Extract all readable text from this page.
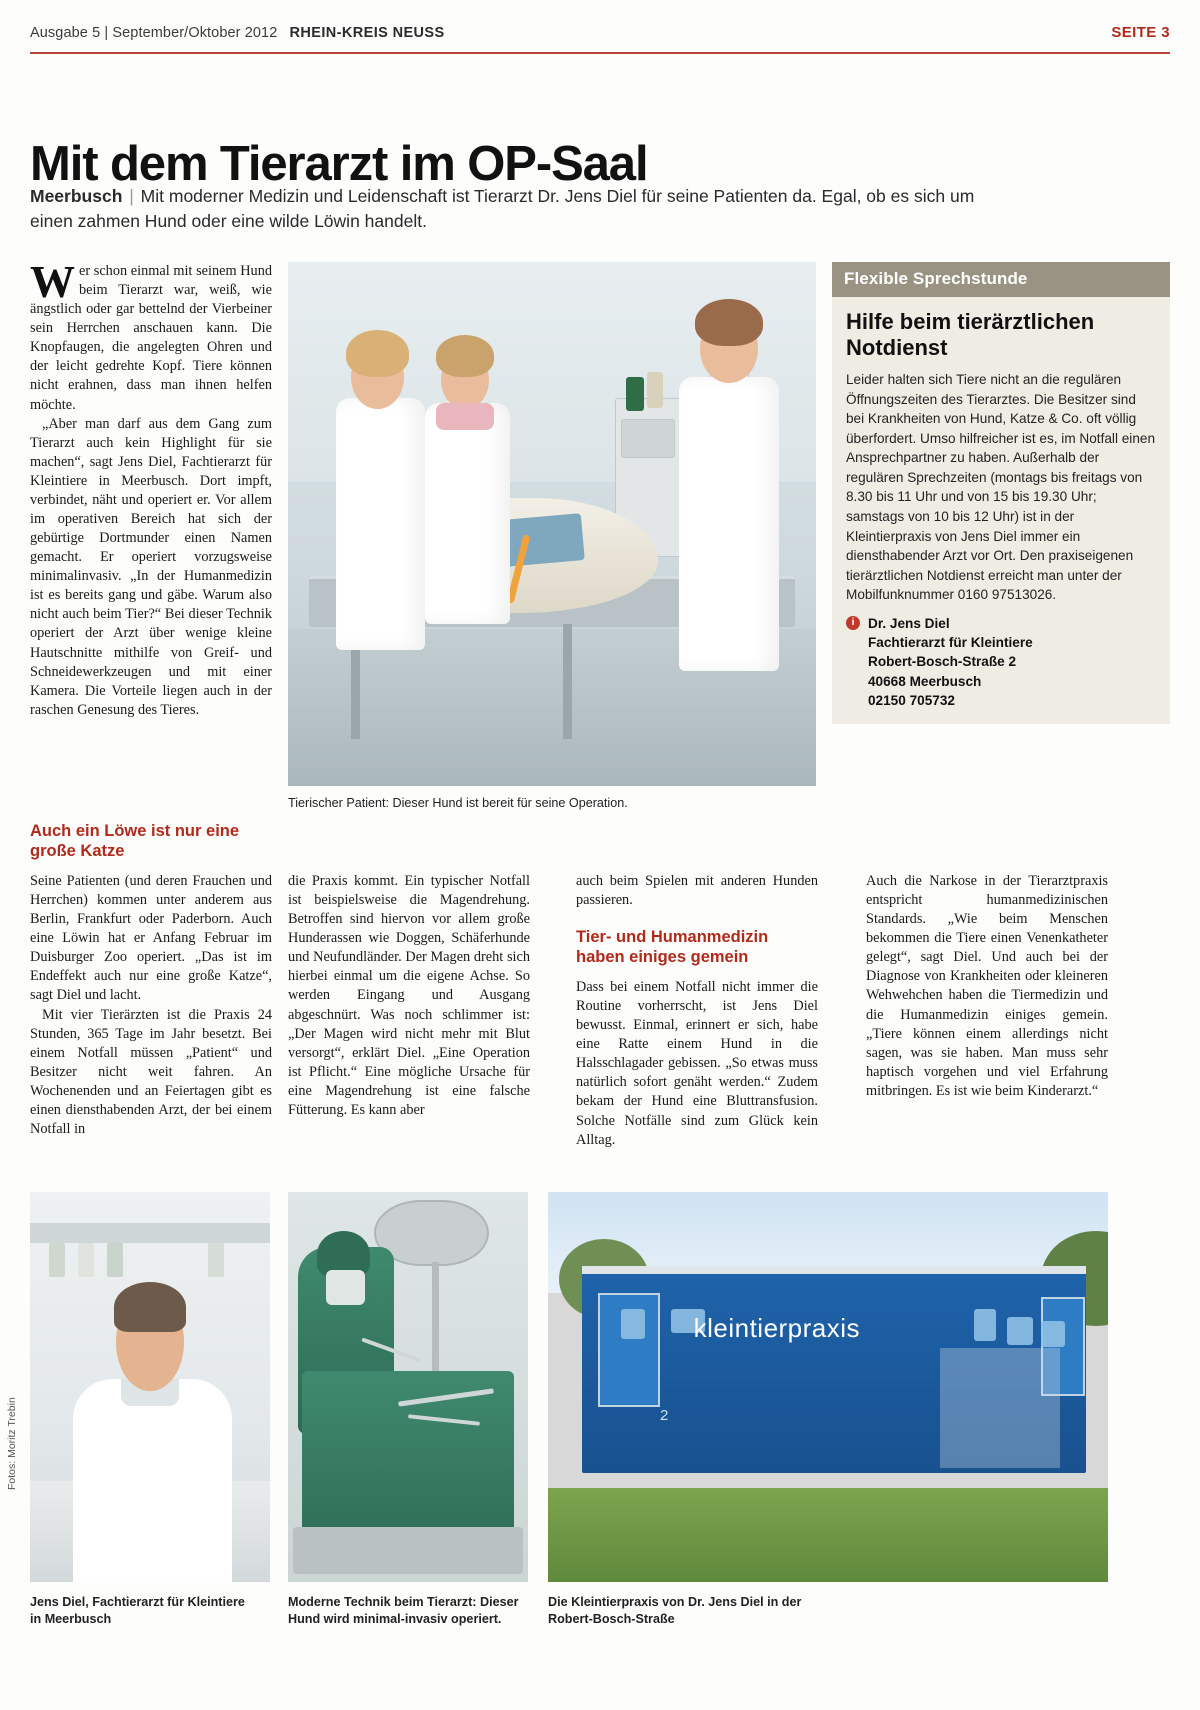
Ausgabe 5 | September/Oktober 2012 RHEIN-KREIS NEUSS	SEITE 3
Mit dem Tierarzt im OP-Saal
Meerbusch | Mit moderner Medizin und Leidenschaft ist Tierarzt Dr. Jens Diel für seine Patienten da. Egal, ob es sich um einen zahmen Hund oder eine wilde Löwin handelt.

Wer schon einmal mit seinem Hund beim Tierarzt war, weiß, wie ängstlich oder gar bettelnd der Vierbeiner sein Herrchen anschauen kann. Die Knopfaugen, die angelegten Ohren und der leicht gedrehte Kopf. Tiere können nicht erahnen, dass man ihnen helfen möchte.

„Aber man darf aus dem Gang zum Tierarzt auch kein Highlight für sie machen“, sagt Jens Diel, Fachtierarzt für Kleintiere in Meerbusch. Dort impft, verbindet, näht und operiert er. Vor allem im operativen Bereich hat sich der gebürtige Dortmunder einen Namen gemacht. Er operiert vorzugsweise minimalinvasiv. „In der Humanmedizin ist es bereits gang und gäbe. Warum also nicht auch beim Tier?“ Bei dieser Technik operiert der Arzt über wenige kleine Hautschnitte mithilfe von Greif- und Schneidewerkzeugen und mit einer Kamera. Die Vorteile liegen auch in der raschen Genesung des Tieres.

Tierischer Patient: Dieser Hund ist bereit für seine Operation.
Flexible Sprechstunde
Hilfe beim tierärztlichen Notdienst
Leider halten sich Tiere nicht an die regulären Öffnungszeiten des Tierarztes. Die Besitzer sind bei Krankheiten von Hund, Katze & Co. oft völlig überfordert. Umso hilfreicher ist es, im Notfall einen Ansprechpartner zu haben. Außerhalb der regulären Sprechzeiten (montags bis freitags von 8.30 bis 11 Uhr und von 15 bis 19.30 Uhr; samstags von 10 bis 12 Uhr) ist in der Kleintierpraxis von Jens Diel immer ein diensthabender Arzt vor Ort. Den praxiseigenen tierärztlichen Notdienst erreicht man unter der Mobilfunknummer 0160 97513026.
i	Dr. Jens Diel
Fachtierarzt für Kleintiere
Robert-Bosch-Straße 2
40668 Meerbusch
02150 705732
Auch ein Löwe ist nur eine große Katze

Seine Patienten (und deren Frauchen und Herrchen) kommen unter anderem aus Berlin, Frankfurt oder Paderborn. Auch eine Löwin hat er Anfang Februar im Duisburger Zoo operiert. „Das ist im Endeffekt auch nur eine große Katze“, sagt Diel und lacht.

Mit vier Tierärzten ist die Praxis 24 Stunden, 365 Tage im Jahr besetzt. Bei einem Notfall müssen „Patient“ und Besitzer nicht weit fahren. An Wochenenden und an Feiertagen gibt es einen diensthabenden Arzt, der bei einem Notfall in

die Praxis kommt. Ein typischer Notfall ist beispielsweise die Magendrehung. Betroffen sind hiervon vor allem große Hunderassen wie Doggen, Schäferhunde und Neufundländer. Der Magen dreht sich hierbei einmal um die eigene Achse. So werden Eingang und Ausgang abgeschnürt. Was noch schlimmer ist: „Der Magen wird nicht mehr mit Blut versorgt“, erklärt Diel. „Eine Operation ist Pflicht.“ Eine mögliche Ursache für eine Magendrehung ist eine falsche Fütterung. Es kann aber

auch beim Spielen mit anderen Hunden passieren.

Tier- und Humanmedizin haben einiges gemein

Dass bei einem Notfall nicht immer die Routine vorherrscht, ist Jens Diel bewusst. Einmal, erinnert er sich, habe eine Ratte einem Hund in die Halsschlagader gebissen. „So etwas muss natürlich sofort genäht werden.“ Zudem bekam der Hund eine Bluttransfusion. Solche Notfälle sind zum Glück kein Alltag.

Auch die Narkose in der Tierarztpraxis entspricht humanmedizinischen Standards. „Wie beim Menschen bekommen die Tiere einen Venenkatheter gelegt“, sagt Diel. Und auch bei der Diagnose von Krankheiten oder kleineren Wehwehchen haben die Tiermedizin und die Humanmedizin einiges gemein. „Tiere können einem allerdings nicht sagen, was sie haben. Man muss sehr haptisch vorgehen und viel Erfahrung mitbringen. Es ist wie beim Kinderarzt.“

kleintierpraxis
2
Jens Diel, Fachtierarzt für Kleintiere
in Meerbusch
Moderne Technik beim Tierarzt: Dieser
Hund wird minimal-invasiv operiert.
Die Kleintierpraxis von Dr. Jens Diel in der
Robert-Bosch-Straße
Fotos: Moritz Trebin
